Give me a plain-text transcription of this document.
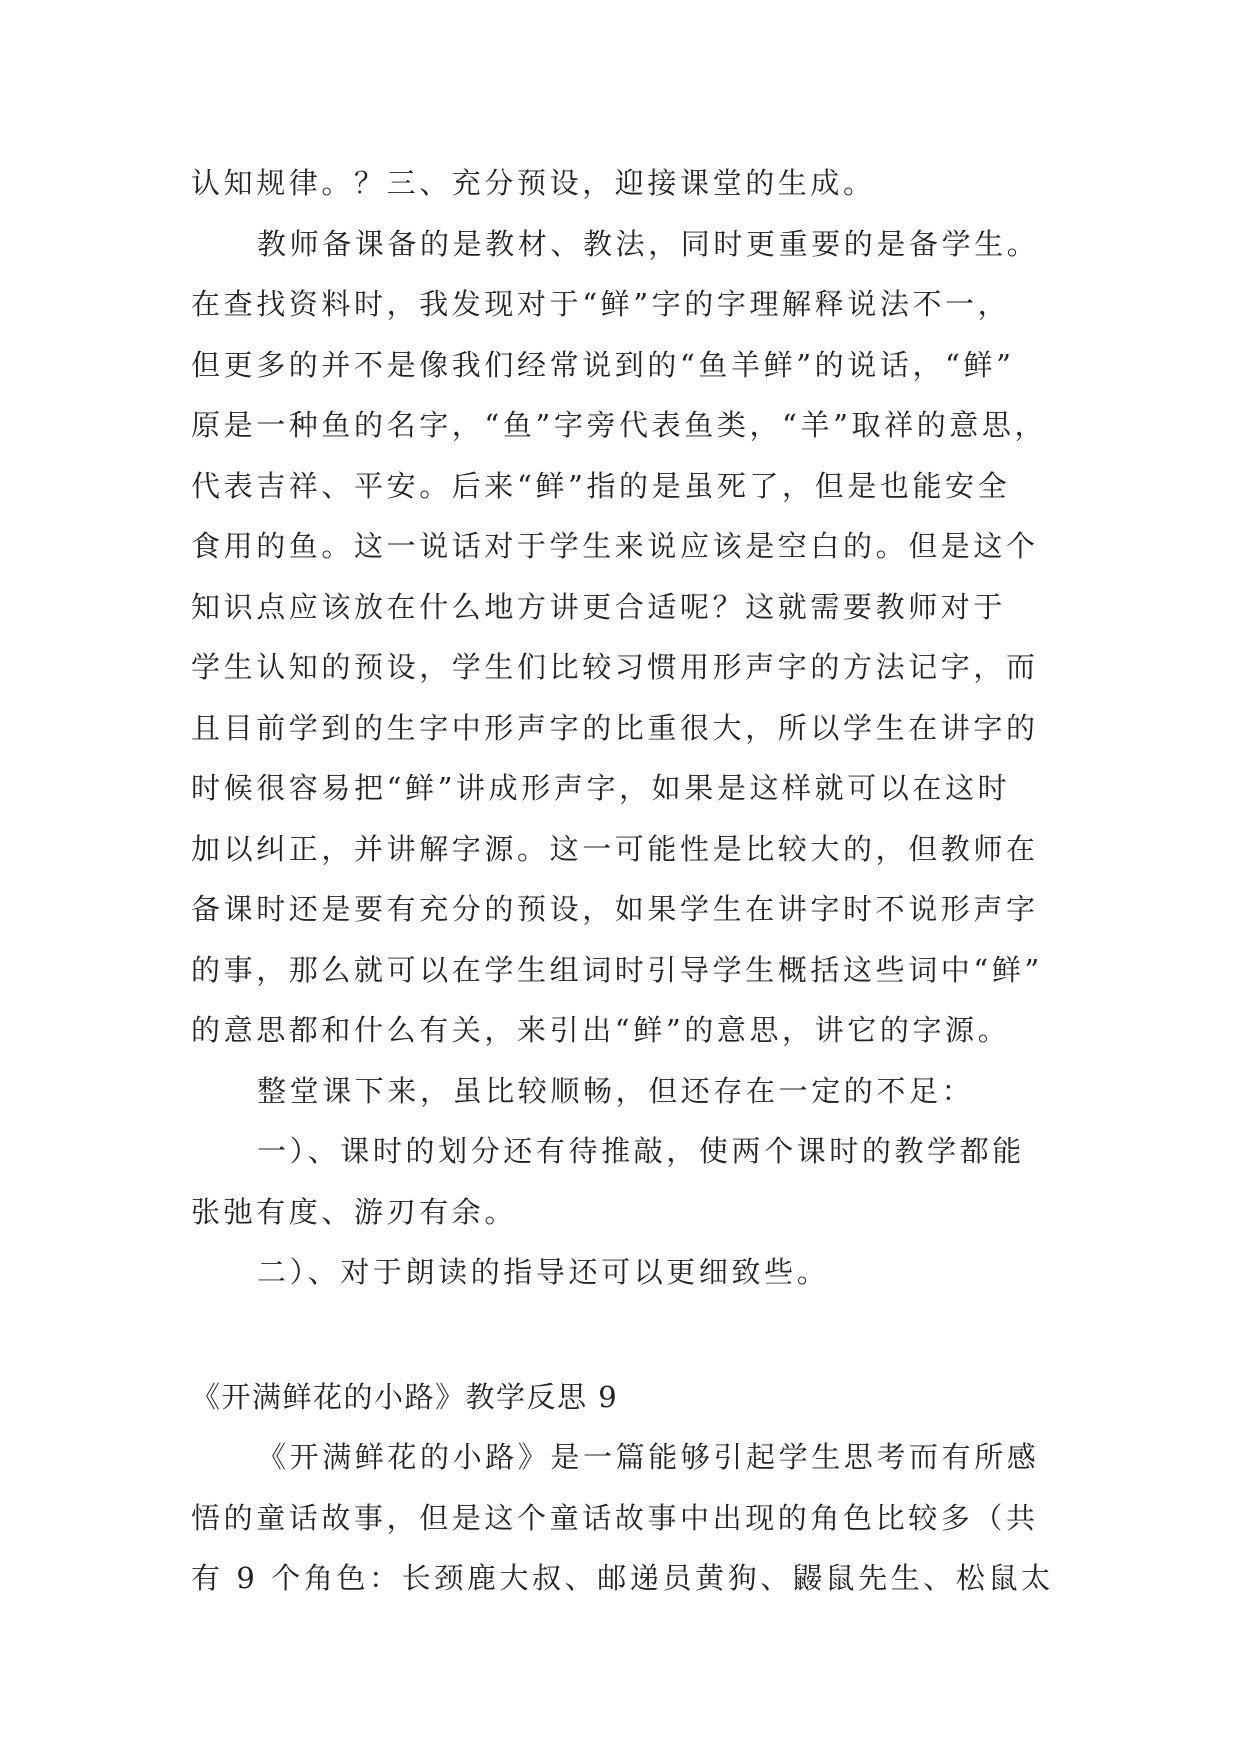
认知规律。？三、充分预设，迎接课堂的生成。
教师备课备的是教材、教法，同时更重要的是备学生。
在查找资料时，我发现对于“鲜”字的字理解释说法不一，
但更多的并不是像我们经常说到的“鱼羊鲜”的说话，“鲜”
原是一种鱼的名字，“鱼”字旁代表鱼类，“羊”取祥的意思，
代表吉祥、平安。后来“鲜”指的是虽死了，但是也能安全
食用的鱼。这一说话对于学生来说应该是空白的。但是这个
知识点应该放在什么地方讲更合适呢？这就需要教师对于
学生认知的预设，学生们比较习惯用形声字的方法记字，而
且目前学到的生字中形声字的比重很大，所以学生在讲字的
时候很容易把“鲜”讲成形声字，如果是这样就可以在这时
加以纠正，并讲解字源。这一可能性是比较大的，但教师在
备课时还是要有充分的预设，如果学生在讲字时不说形声字
的事，那么就可以在学生组词时引导学生概括这些词中“鲜”
的意思都和什么有关，来引出“鲜”的意思，讲它的字源。
整堂课下来，虽比较顺畅，但还存在一定的不足：
一）、课时的划分还有待推敲，使两个课时的教学都能
张弛有度、游刃有余。
二）、对于朗读的指导还可以更细致些。
《开满鲜花的小路》教学反思 9
《开满鲜花的小路》是一篇能够引起学生思考而有所感
悟的童话故事，但是这个童话故事中出现的角色比较多（共
有 9 个角色：长颈鹿大叔、邮递员黄狗、鼹鼠先生、松鼠太
